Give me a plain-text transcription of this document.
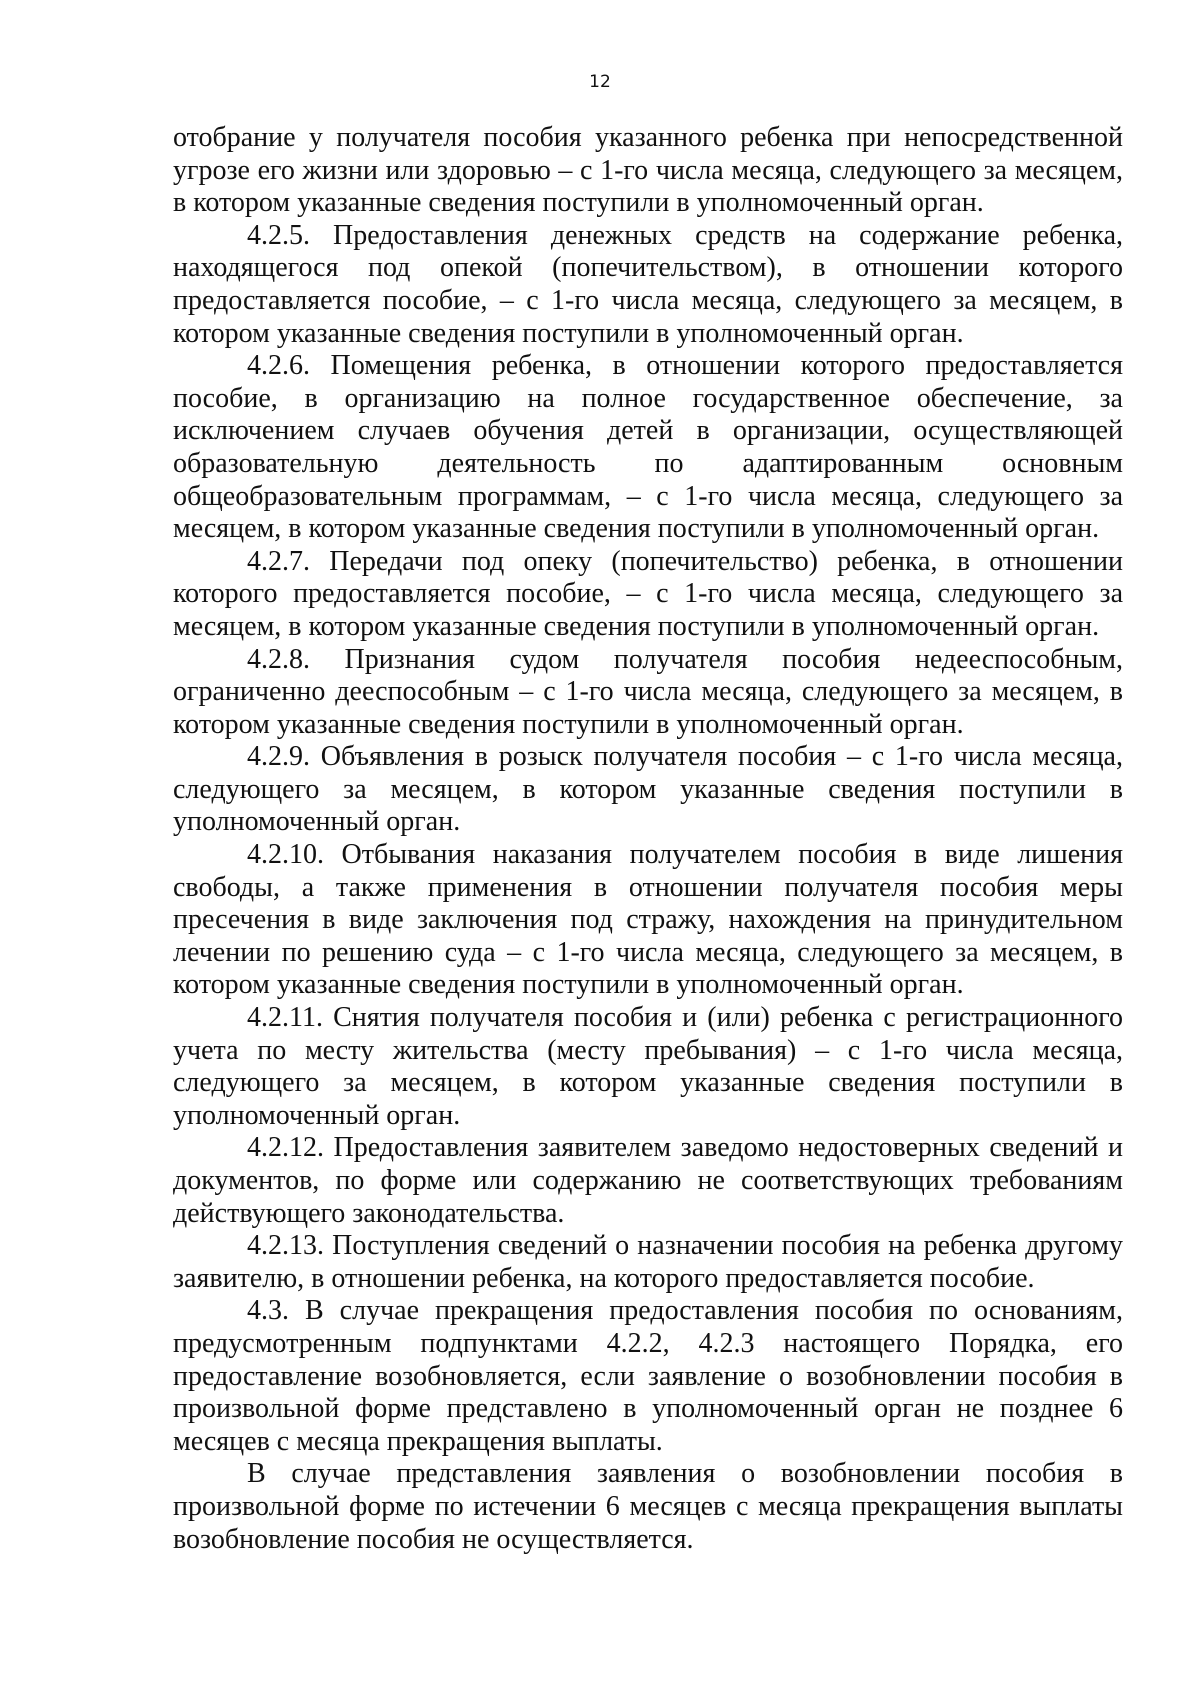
12

отобрание у получателя пособия указанного ребенка при непосредственной угрозе его жизни или здоровью – с 1-го числа месяца, следующего за месяцем, в котором указанные сведения поступили в уполномоченный орган.

4.2.5. Предоставления денежных средств на содержание ребенка, находящегося под опекой (попечительством), в отношении которого предоставляется пособие, – с 1-го числа месяца, следующего за месяцем, в котором указанные сведения поступили в уполномоченный орган.

4.2.6. Помещения ребенка, в отношении которого предоставляется пособие, в организацию на полное государственное обеспечение, за исключением случаев обучения детей в организации, осуществляющей образовательную деятельность по адаптированным основным общеобразовательным программам, – с 1-го числа месяца, следующего за месяцем, в котором указанные сведения поступили в уполномоченный орган.

4.2.7. Передачи под опеку (попечительство) ребенка, в отношении которого предоставляется пособие, – с 1-го числа месяца, следующего за месяцем, в котором указанные сведения поступили в уполномоченный орган.

4.2.8. Признания судом получателя пособия недееспособным, ограниченно дееспособным – с 1-го числа месяца, следующего за месяцем, в котором указанные сведения поступили в уполномоченный орган.

4.2.9. Объявления в розыск получателя пособия – с 1-го числа месяца, следующего за месяцем, в котором указанные сведения поступили в уполномоченный орган.

4.2.10. Отбывания наказания получателем пособия в виде лишения свободы, а также применения в отношении получателя пособия меры пресечения в виде заключения под стражу, нахождения на принудительном лечении по решению суда – с 1-го числа месяца, следующего за месяцем, в котором указанные сведения поступили в уполномоченный орган.

4.2.11. Снятия получателя пособия и (или) ребенка с регистрационного учета по месту жительства (месту пребывания) – с 1-го числа месяца, следующего за месяцем, в котором указанные сведения поступили в уполномоченный орган.

4.2.12. Предоставления заявителем заведомо недостоверных сведений и документов, по форме или содержанию не соответствующих требованиям действующего законодательства.

4.2.13. Поступления сведений о назначении пособия на ребенка другому заявителю, в отношении ребенка, на которого предоставляется пособие.

4.3. В случае прекращения предоставления пособия по основаниям, предусмотренным подпунктами 4.2.2, 4.2.3 настоящего Порядка, его предоставление возобновляется, если заявление о возобновлении пособия в произвольной форме представлено в уполномоченный орган не позднее 6 месяцев с месяца прекращения выплаты.

В случае представления заявления о возобновлении пособия в произвольной форме по истечении 6 месяцев с месяца прекращения выплаты возобновление пособия не осуществляется.
